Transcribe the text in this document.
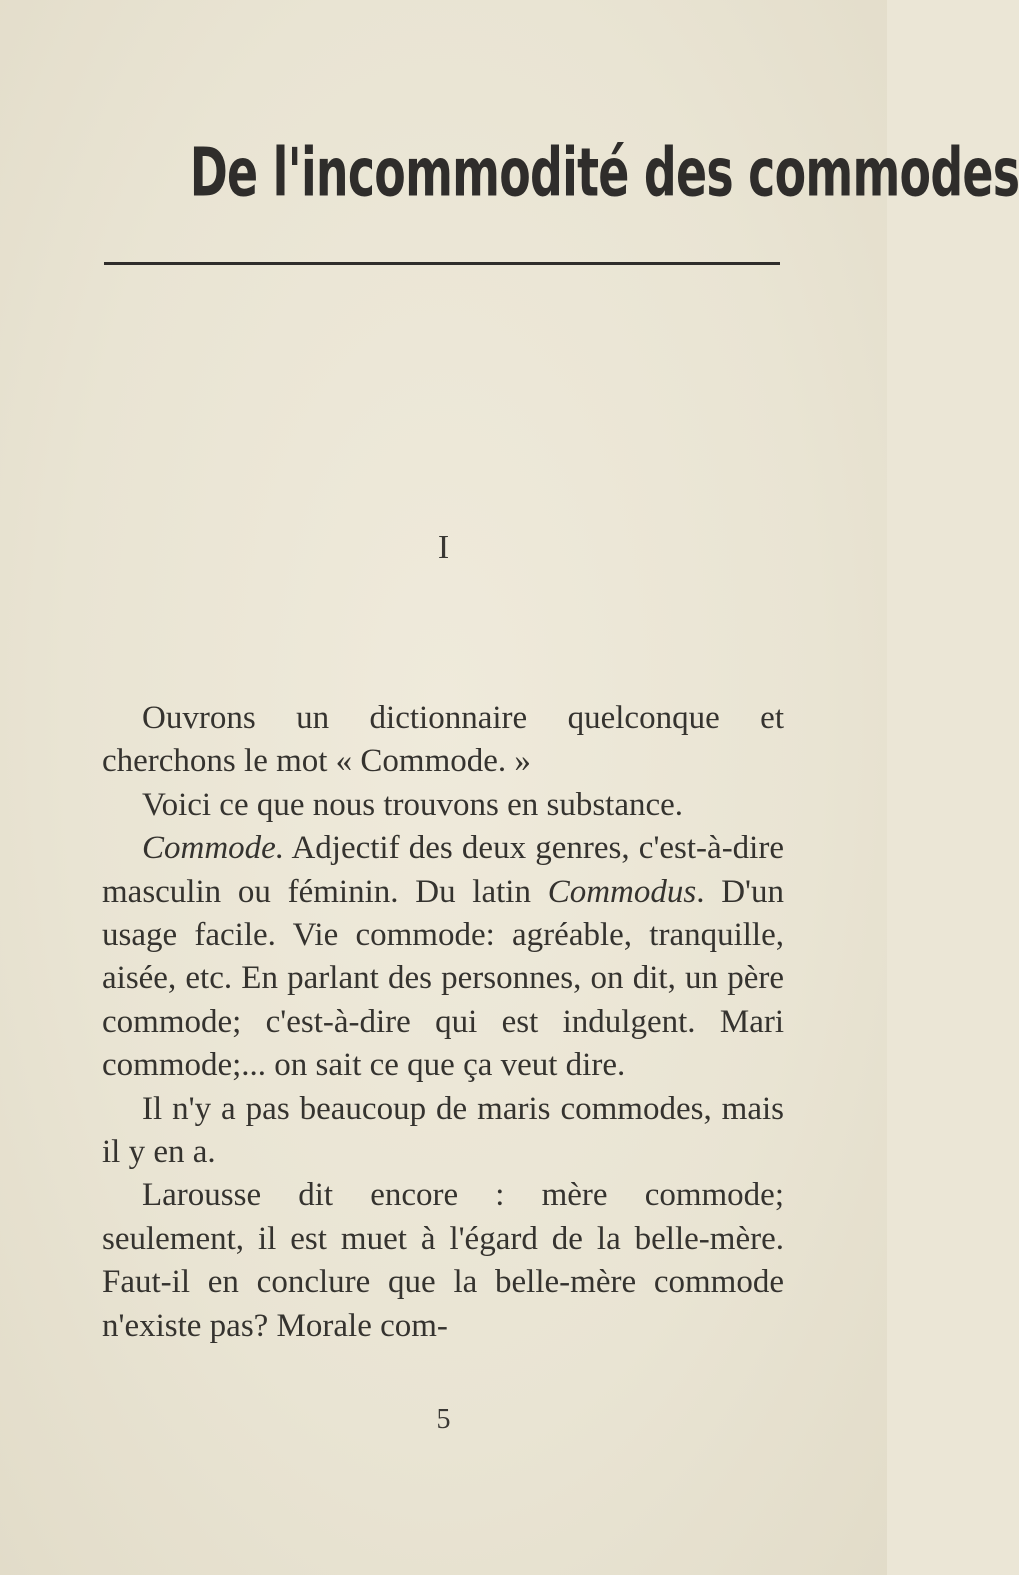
De l'incommodité des commodes
I

Ouvrons un dictionnaire quelconque et cherchons le mot « Commode. »

Voici ce que nous trouvons en substance.

Commode. Adjectif des deux genres, c'est-à-dire masculin ou féminin. Du latin Commodus. D'un usage facile. Vie commode: agréable, tranquille, aisée, etc. En parlant des personnes, on dit, un père commode; c'est-à-dire qui est indulgent. Mari commode;... on sait ce que ça veut dire.

Il n'y a pas beaucoup de maris commodes, mais il y en a.

Larousse dit encore : mère commode; seulement, il est muet à l'égard de la belle-mère. Faut-il en conclure que la belle-mère commode n'existe pas? Morale com-

5
